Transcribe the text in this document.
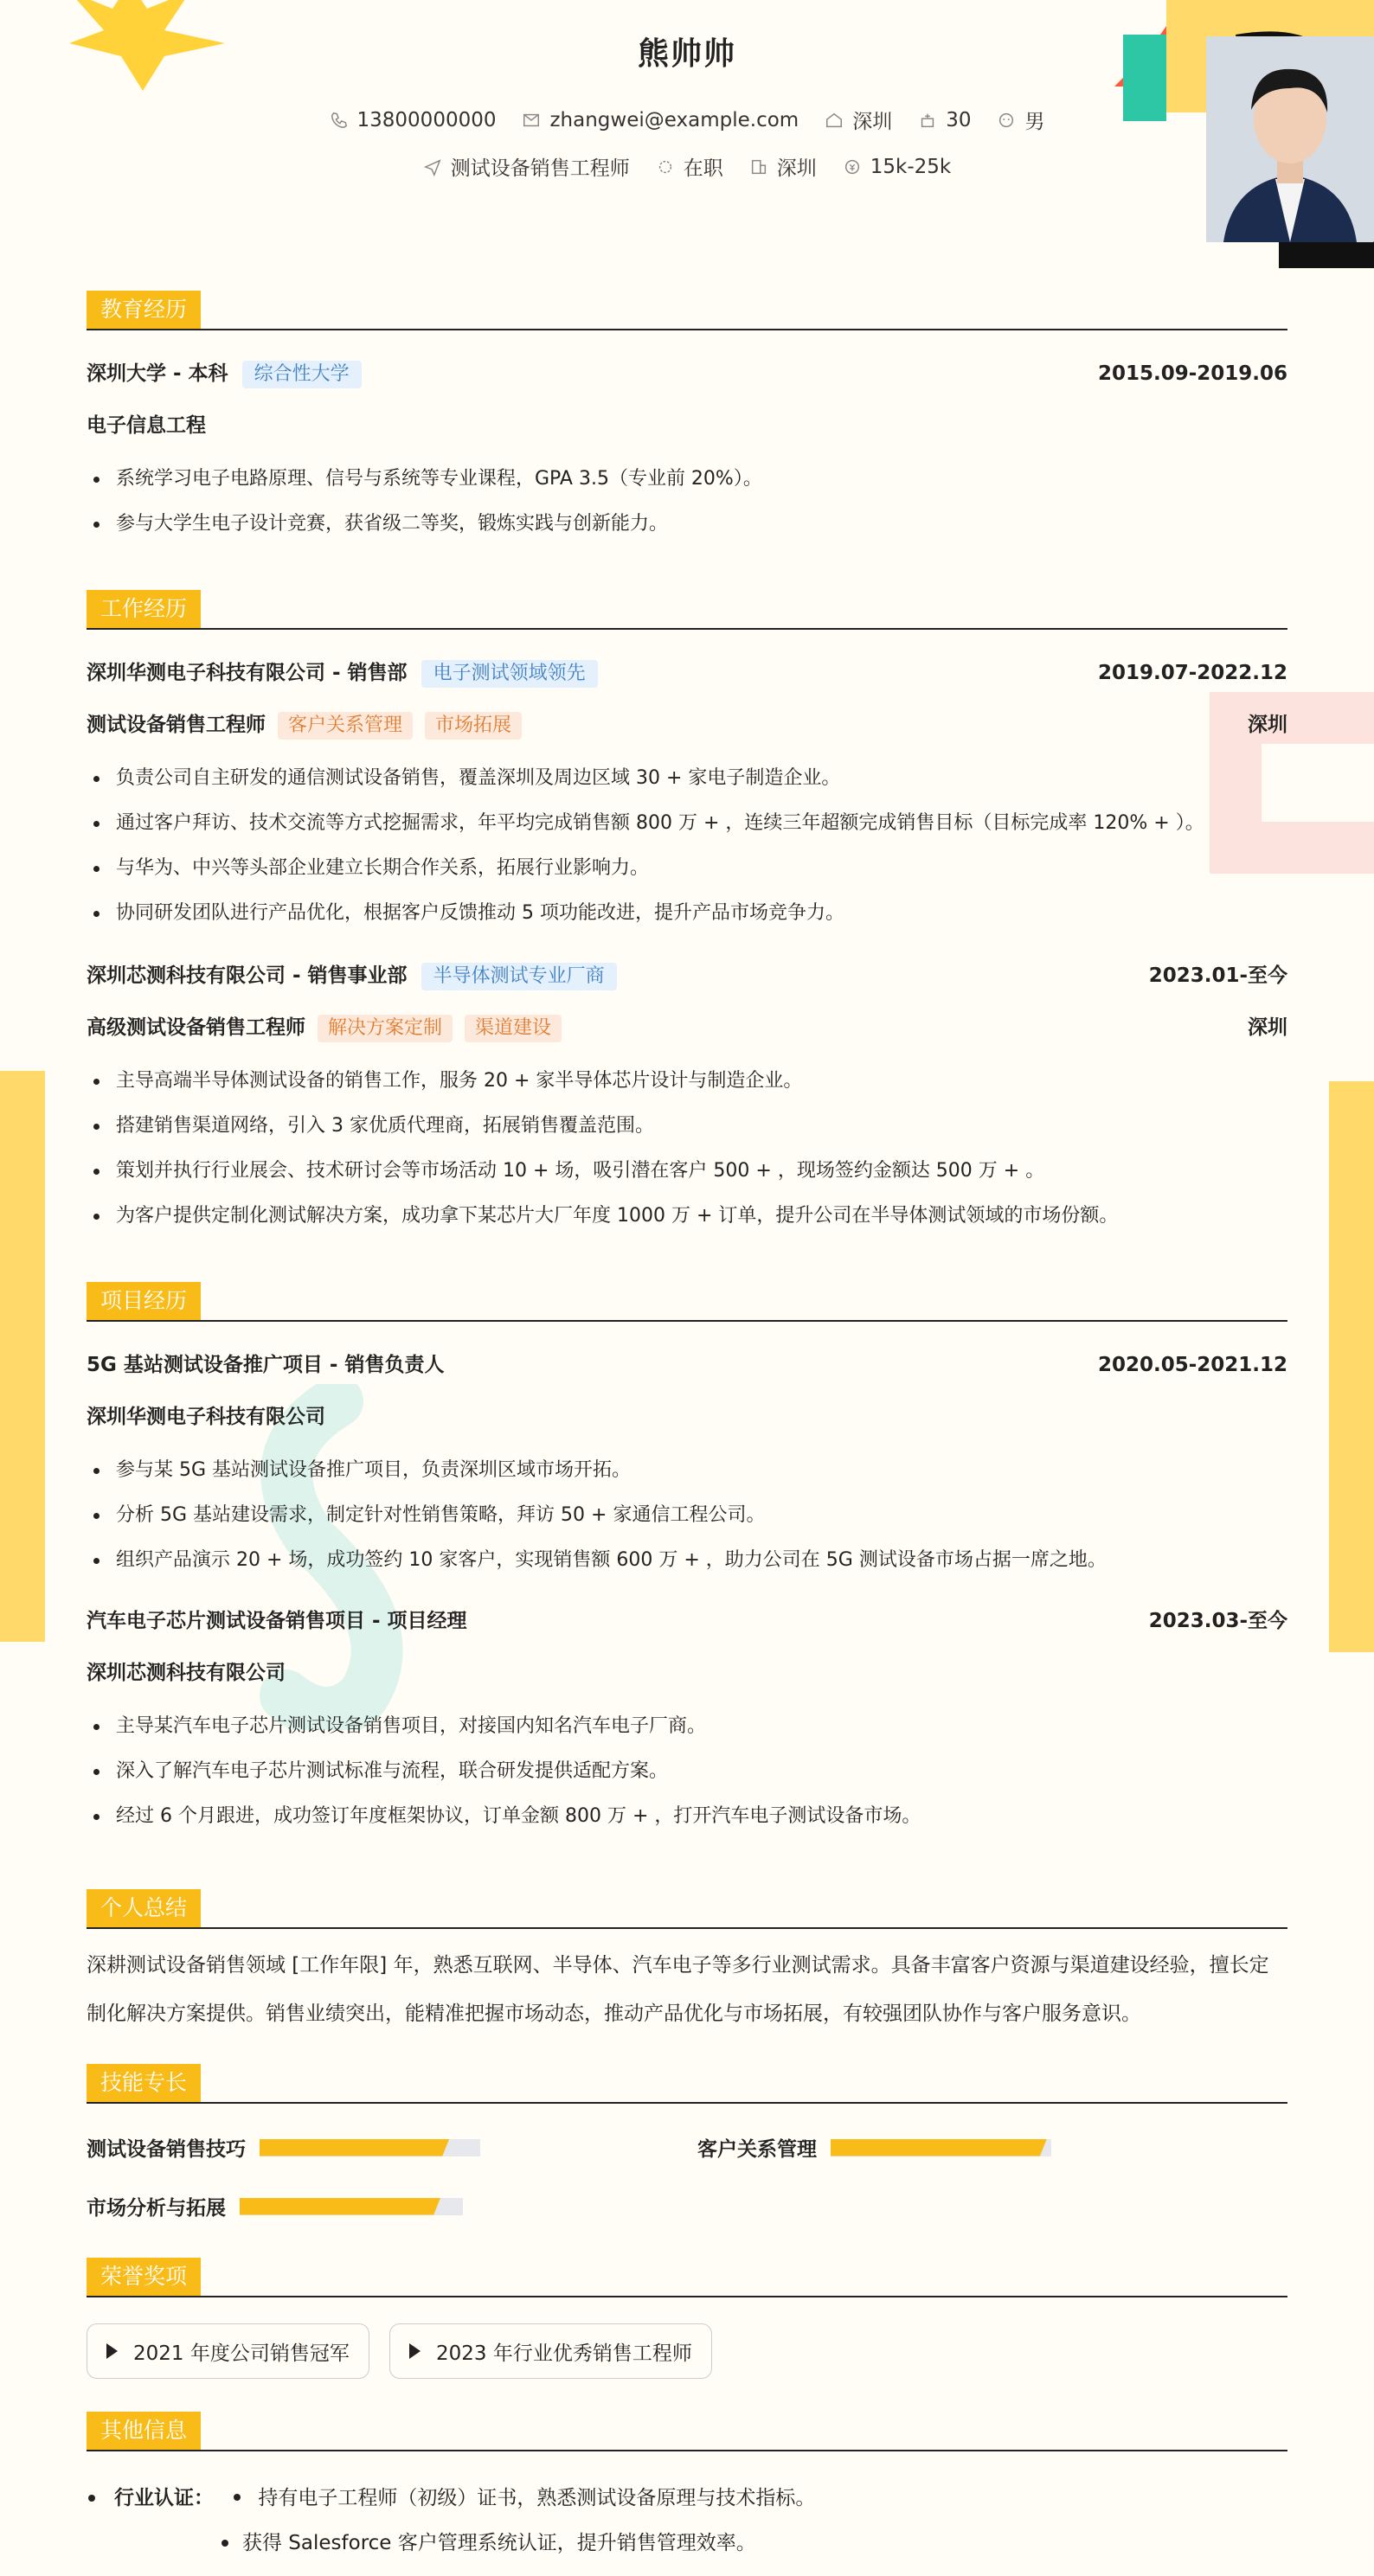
熊帅帅
13800000000	zhangwei@example.com	深圳	30	男
测试设备销售工程师	在职	深圳	15k-25k
教育经历
深圳大学 - 本科 综合性大学	2015.09-2019.06
电子信息工程
系统学习电子电路原理、信号与系统等专业课程，GPA 3.5（专业前 20%）。
参与大学生电子设计竞赛，获省级二等奖，锻炼实践与创新能力。
工作经历
深圳华测电子科技有限公司 - 销售部 电子测试领域领先	2019.07-2022.12
测试设备销售工程师 客户关系管理 市场拓展	深圳
负责公司自主研发的通信测试设备销售，覆盖深圳及周边区域 30 + 家电子制造企业。
通过客户拜访、技术交流等方式挖掘需求，年平均完成销售额 800 万 + ，连续三年超额完成销售目标（目标完成率 120% + ）。
与华为、中兴等头部企业建立长期合作关系，拓展行业影响力。
协同研发团队进行产品优化，根据客户反馈推动 5 项功能改进，提升产品市场竞争力。
深圳芯测科技有限公司 - 销售事业部 半导体测试专业厂商	2023.01-至今
高级测试设备销售工程师 解决方案定制 渠道建设	深圳
主导高端半导体测试设备的销售工作，服务 20 + 家半导体芯片设计与制造企业。
搭建销售渠道网络，引入 3 家优质代理商，拓展销售覆盖范围。
策划并执行行业展会、技术研讨会等市场活动 10 + 场，吸引潜在客户 500 + ，现场签约金额达 500 万 + 。
为客户提供定制化测试解决方案，成功拿下某芯片大厂年度 1000 万 + 订单，提升公司在半导体测试领域的市场份额。
项目经历
5G 基站测试设备推广项目 - 销售负责人	2020.05-2021.12
深圳华测电子科技有限公司
参与某 5G 基站测试设备推广项目，负责深圳区域市场开拓。
分析 5G 基站建设需求，制定针对性销售策略，拜访 50 + 家通信工程公司。
组织产品演示 20 + 场，成功签约 10 家客户，实现销售额 600 万 + ，助力公司在 5G 测试设备市场占据一席之地。
汽车电子芯片测试设备销售项目 - 项目经理	2023.03-至今
深圳芯测科技有限公司
主导某汽车电子芯片测试设备销售项目，对接国内知名汽车电子厂商。
深入了解汽车电子芯片测试标准与流程，联合研发提供适配方案。
经过 6 个月跟进，成功签订年度框架协议，订单金额 800 万 + ，打开汽车电子测试设备市场。
个人总结
深耕测试设备销售领域 [工作年限] 年，熟悉互联网、半导体、汽车电子等多行业测试需求。具备丰富客户资源与渠道建设经验，擅长定制化解决方案提供。销售业绩突出，能精准把握市场动态，推动产品优化与市场拓展，有较强团队协作与客户服务意识。
技能专长
测试设备销售技巧	客户关系管理
市场分析与拓展
荣誉奖项
2021 年度公司销售冠军	2023 年行业优秀销售工程师
其他信息
行业认证： 持有电子工程师（初级）证书，熟悉测试设备原理与技术指标。
获得 Salesforce 客户管理系统认证，提升销售管理效率。
